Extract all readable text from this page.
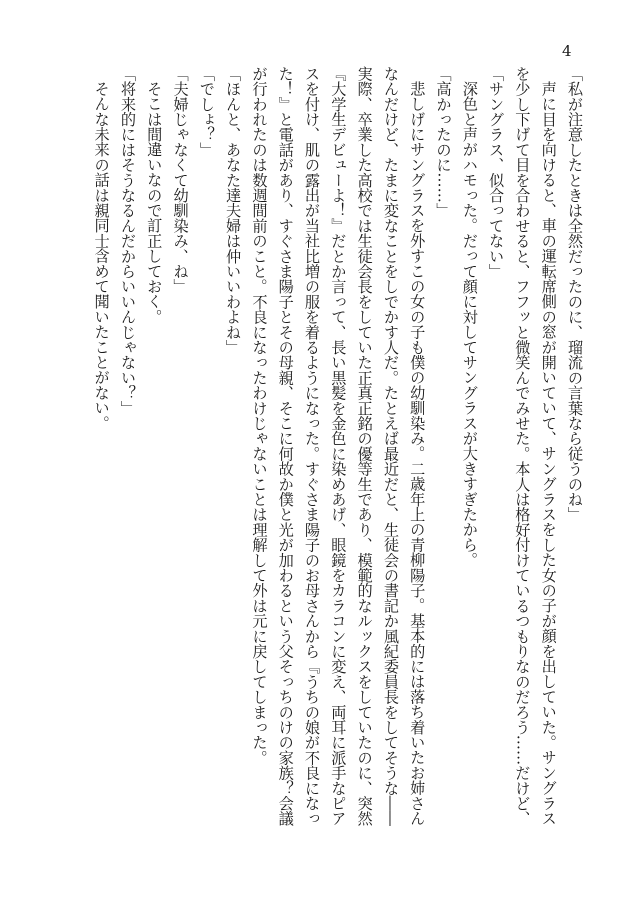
4

「私が注意したときは全然だったのに、瑠流の言葉なら従うのね」

声に目を向けると、車の運転席側の窓が開いていて、サングラスをした女の子が顔を出していた。サングラスを少し下げて目を合わせると、フフッと微笑んでみせた。本人は格好付けているつもりなのだろう……だけど、

「サングラス、似合ってない」

深色と声がハモった。だって顔に対してサングラスが大きすぎたから。

「高かったのに……」

悲しげにサングラスを外すこの女の子も僕の幼馴染み。二歳年上の青柳陽子。基本的には落ち着いたお姉さんなんだけど、たまに変なことをしでかす人だ。たとえば最近だと、生徒会の書記か風紀委員長をしてそうな――実際、卒業した高校では生徒会長をしていた正真正銘の優等生であり、模範的なルックスをしていたのに、突然『大学生デビューよ！』だとか言って、長い黒髪を金色に染めあげ、眼鏡をカラコンに変え、両耳に派手なピアスを付け、肌の露出が当社比増の服を着るようになった。すぐさま陽子のお母さんから『うちの娘が不良になった！』と電話があり、すぐさま陽子とその母親、そこに何故か僕と光が加わるという父そっちのけの家族？会議が行われたのは数週間前のこと。不良になったわけじゃないことは理解して外は元に戻してしまった。

「ほんと、あなた達夫婦は仲いいわよね」

「でしょ？」

「夫婦じゃなくて幼馴染み、ね」

そこは間違いなので訂正しておく。

「将来的にはそうなるんだからいいんじゃない？」

そんな未来の話は親同士含めて聞いたことがない。
